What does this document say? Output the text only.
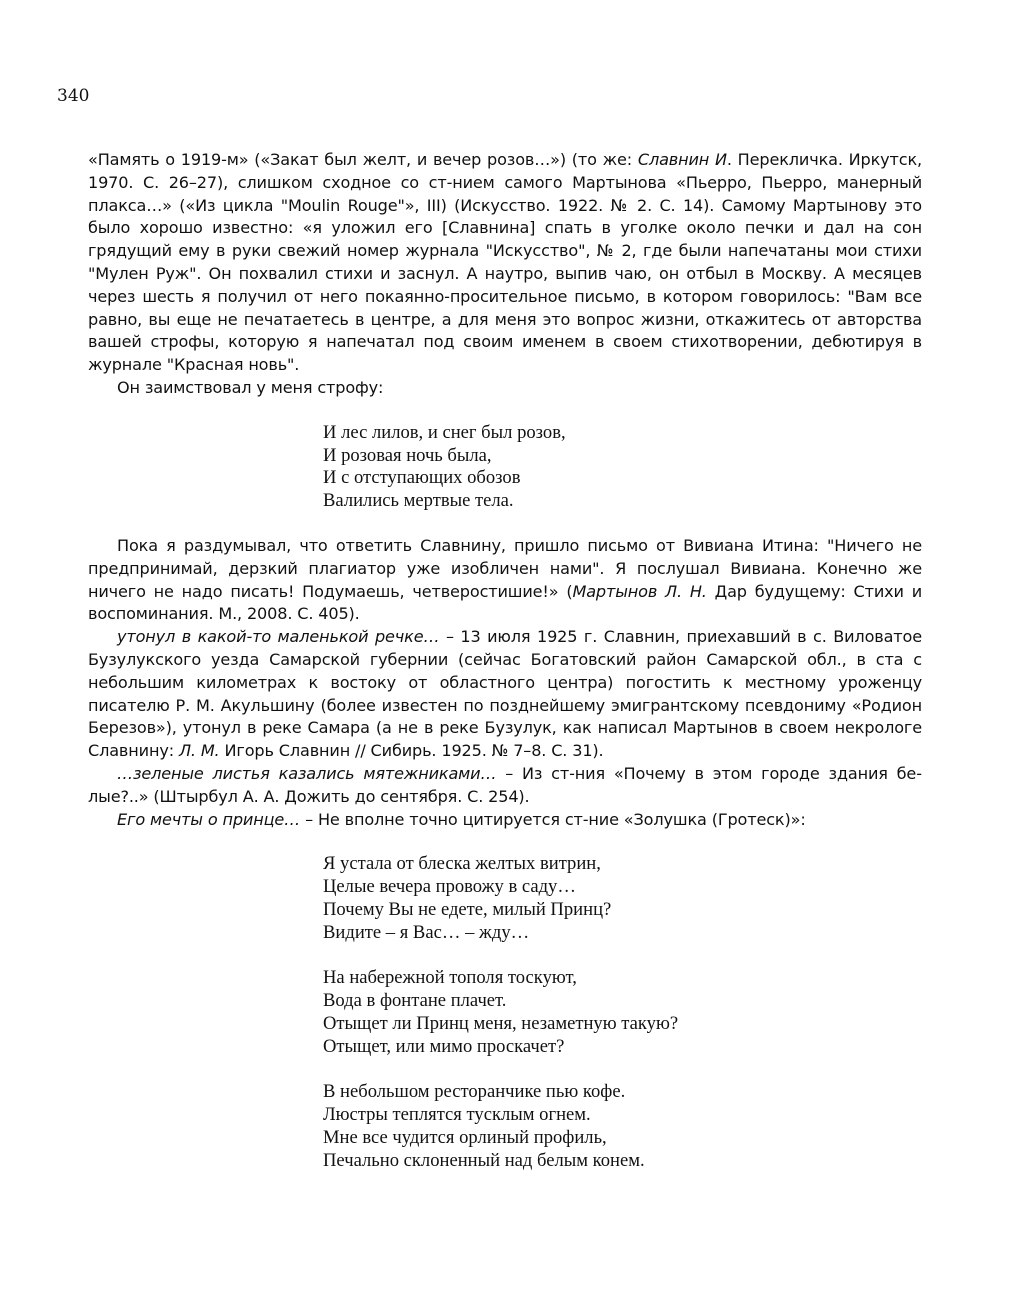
340

«Память о 1919-м» («Закат был желт, и вечер розов…») (то же: Славнин И. Перекличка. Иркутск, 1970. С. 26–27), слишком сходное со ст-нием самого Мартынова «Пьерро, Пьерро, манерный плакса…» («Из цикла "Moulin Rouge"», III) (Искусство. 1922. № 2. С. 14). Самому Мартынову это было хорошо известно: «я уложил его [Славнина] спать в уголке около печки и дал на сон грядущий ему в руки свежий номер журнала "Искусство", № 2, где были напечатаны мои стихи "Мулен Руж". Он похвалил стихи и заснул. А наутро, выпив чаю, он отбыл в Москву. А месяцев через шесть я получил от него покаянно-просительное письмо, в котором говорилось: "Вам все равно, вы еще не печатаетесь в центре, а для меня это вопрос жизни, откажитесь от авторства вашей строфы, которую я напечатал под своим именем в своем стихотворении, дебютируя в журнале "Красная новь".

Он заимствовал у меня строфу:

И лес лилов, и снег был розов,
И розовая ночь была,
И с отступающих обозов
Валились мертвые тела.

Пока я раздумывал, что ответить Славнину, пришло письмо от Вивиана Итина: "Ничего не предпринимай, дерзкий плагиатор уже изобличен нами". Я послушал Вивиана. Конечно же ничего не надо писать! Подумаешь, четверостишие!» (Мартынов Л. Н. Дар будущему: Стихи и воспоминания. М., 2008. С. 405).

утонул в какой-то маленькой речке… – 13 июля 1925 г. Славнин, приехавший в с. Виловатое Бузулукского уезда Самарской губернии (сейчас Богатовский район Самарской обл., в ста с небольшим километрах к востоку от областного центра) погостить к местному уроженцу писателю Р. М. Акульшину (более известен по позднейшему эмигрантскому псевдониму «Родион Березов»), утонул в реке Самара (а не в реке Бузулук, как написал Мартынов в своем некрологе Славнину: Л. М. Игорь Славнин // Сибирь. 1925. № 7–8. С. 31).

…зеленые листья казались мятежниками… – Из ст-ния «Почему в этом городе здания белые?..» (Штырбул А. А. Дожить до сентября. С. 254).

Его мечты о принце… – Не вполне точно цитируется ст-ние «Золушка (Гротеск)»:

Я устала от блеска желтых витрин,
Целые вечера провожу в саду…
Почему Вы не едете, милый Принц?
Видите – я Вас… – жду…
На набережной тополя тоскуют,
Вода в фонтане плачет.
Отыщет ли Принц меня, незаметную такую?
Отыщет, или мимо проскачет?
В небольшом ресторанчике пью кофе.
Люстры теплятся тусклым огнем.
Мне все чудится орлиный профиль,
Печально склоненный над белым конем.
